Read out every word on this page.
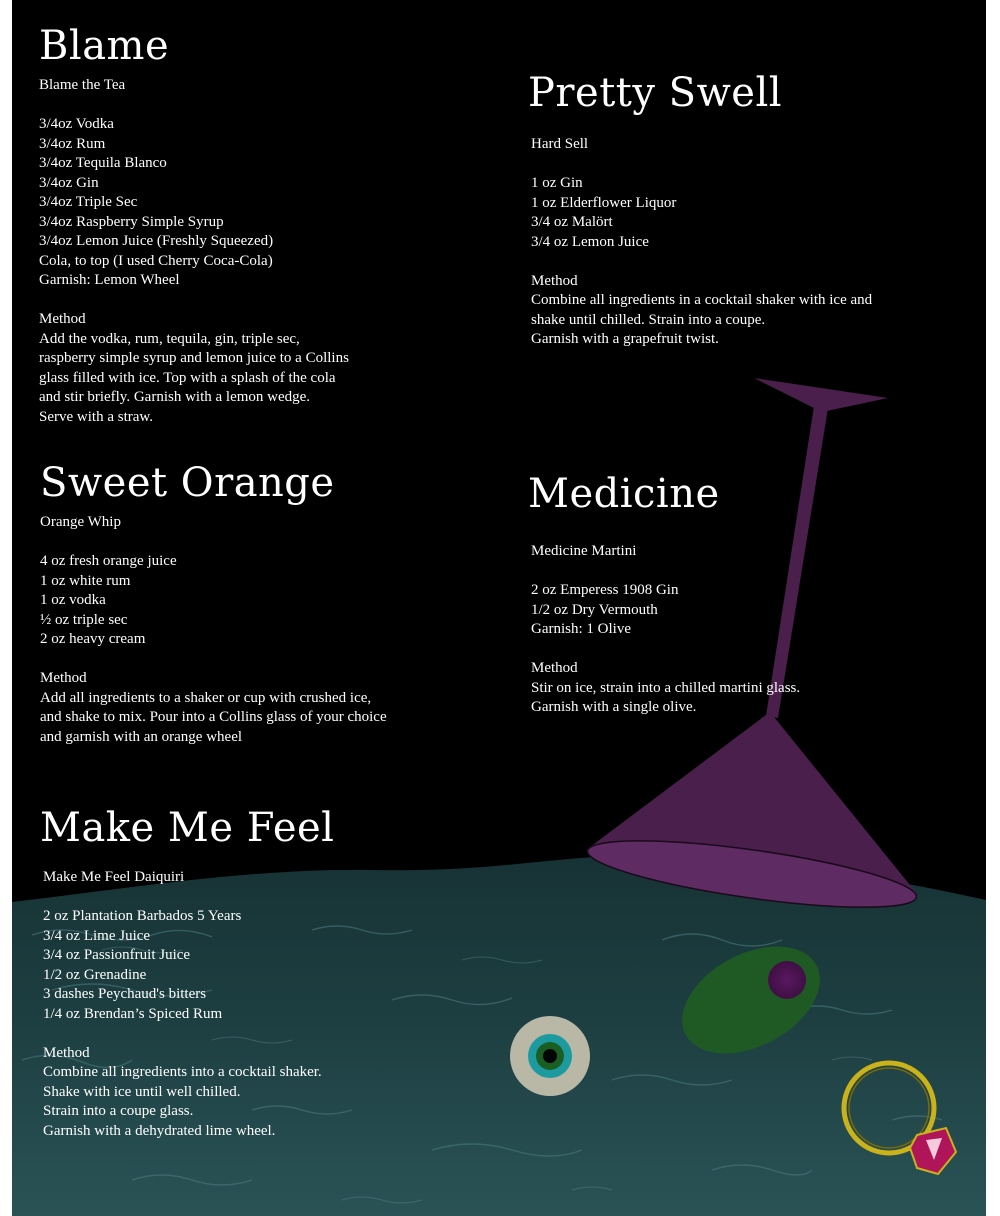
Blame

Blame the Tea

3/4oz Vodka
3/4oz Rum
3/4oz Tequila Blanco
3/4oz Gin
3/4oz Triple Sec
3/4oz Raspberry Simple Syrup
3/4oz Lemon Juice (Freshly Squeezed)
Cola, to top (I used Cherry Coca-Cola)
Garnish: Lemon Wheel

Method

Add the vodka, rum, tequila, gin, triple sec,
raspberry simple syrup and lemon juice to a Collins
glass filled with ice. Top with a splash of the cola
and stir briefly. Garnish with a lemon wedge.
Serve with a straw.

Pretty Swell

Hard Sell

1 oz Gin
1 oz Elderflower Liquor
3/4 oz Malört
3/4 oz Lemon Juice

Method

Combine all ingredients in a cocktail shaker with ice and
shake until chilled. Strain into a coupe.
Garnish with a grapefruit twist.

Sweet Orange

Orange Whip

4 oz fresh orange juice
1 oz white rum
1 oz vodka
½ oz triple sec
2 oz heavy cream

Method

Add all ingredients to a shaker or cup with crushed ice,
and shake to mix. Pour into a Collins glass of your choice
and garnish with an orange wheel

Medicine

Medicine Martini

2 oz Emperess 1908 Gin
1/2 oz Dry Vermouth
Garnish: 1 Olive

Method

Stir on ice, strain into a chilled martini glass.
Garnish with a single olive.

Make Me Feel

Make Me Feel Daiquiri

2 oz Plantation Barbados 5 Years
3/4 oz Lime Juice
3/4 oz Passionfruit Juice
1/2 oz Grenadine
3 dashes Peychaud's bitters
1/4 oz Brendan’s Spiced Rum

Method

Combine all ingredients into a cocktail shaker.
Shake with ice until well chilled.
Strain into a coupe glass.
Garnish with a dehydrated lime wheel.
